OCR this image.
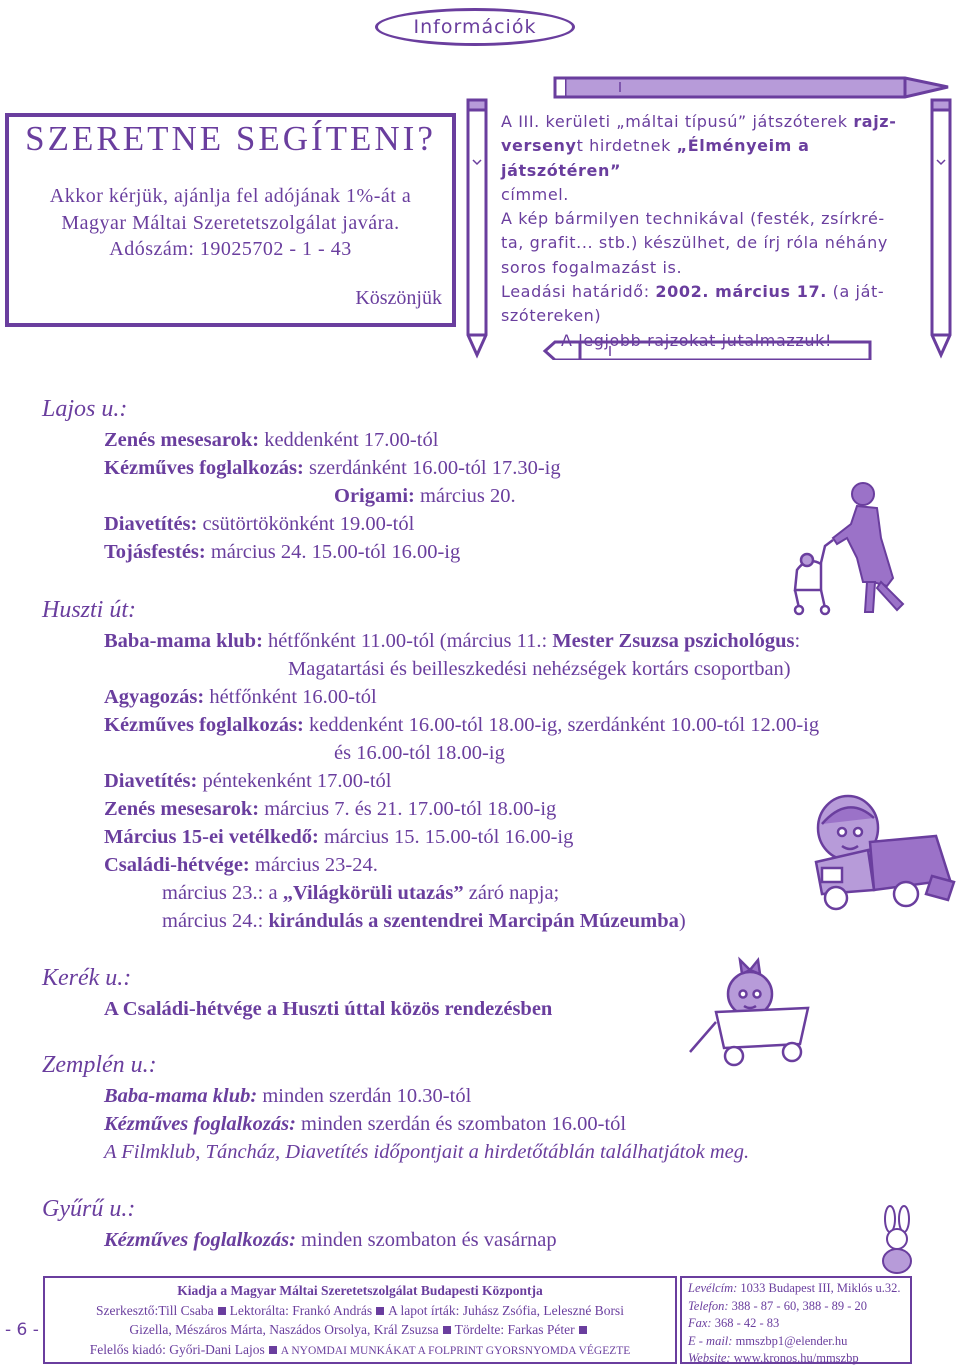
Információk
SZERETNE SEGÍTENI?
Akkor kérjük, ajánlja fel adójának 1%-át a
Magyar Máltai Szeretetszolgálat javára.
Adószám: 19025702 - 1 - 43
Köszönjük

A III. kerületi „máltai típusú” játszóterek rajz-

versenyt hirdetnek „Élményeim a játszótéren”

címmel.

A kép bármilyen technikával (festék, zsírkré-

ta, grafit... stb.) készülhet, de írj róla néhány

soros fogalmazást is.

Leadási határidő: 2002. március 17. (a ját-

szótereken)

A legjobb rajzokat jutalmazzuk!

Lajos u.:
Zenés mesesarok: keddenként 17.00-tól
Kézműves foglalkozás: szerdánként 16.00-tól 17.30-ig
Origami: március 20.
Diavetítés: csütörtökönként 19.00-tól
Tojásfestés: március 24. 15.00-tól 16.00-ig
Huszti út:
Baba-mama klub: hétfőnként 11.00-tól (március 11.: Mester Zsuzsa pszichológus:
Magatartási és beilleszkedési nehézségek kortárs csoportban)
Agyagozás: hétfőnként 16.00-tól
Kézműves foglalkozás: keddenként 16.00-tól 18.00-ig, szerdánként 10.00-tól 12.00-ig
és 16.00-tól 18.00-ig
Diavetítés: péntekenként 17.00-tól
Zenés mesesarok: március 7. és 21. 17.00-tól 18.00-ig
Március 15-ei vetélkedő: március 15. 15.00-tól 16.00-ig
Családi-hétvége: március 23-24.
március 23.: a „Világkörüli utazás” záró napja;
március 24.: kirándulás a szentendrei Marcipán Múzeumba)
Kerék u.:
A Családi-hétvége a Huszti úttal közös rendezésben
Zemplén u.:
Baba-mama klub: minden szerdán 10.30-tól
Kézműves foglalkozás: minden szerdán és szombaton 16.00-tól
A Filmklub, Táncház, Diavetítés időpontjait a hirdetőtáblán találhatjátok meg.
Gyűrű u.:
Kézműves foglalkozás: minden szombaton és vasárnap
- 6 -
Kiadja a Magyar Máltai Szeretetszolgálat Budapesti Központja
Szerkesztő:Till Csaba Lektorálta: Frankó András A lapot írták: Juhász Zsófia, Leleszné Borsi
Gizella, Mészáros Márta, Naszádos Orsolya, Král Zsuzsa Tördelte: Farkas Péter
Felelős kiadó: Győri-Dani Lajos A NYOMDAI MUNKÁKAT A FOLPRINT GYORSNYOMDA VÉGEZTE
Levélcím: 1033 Budapest III, Miklós u.32.
Telefon: 388 - 87 - 60, 388 - 89 - 20
Fax: 368 - 42 - 83
E - mail: mmszbp1@elender.hu
Website: www.kronos.hu/mmszbp
